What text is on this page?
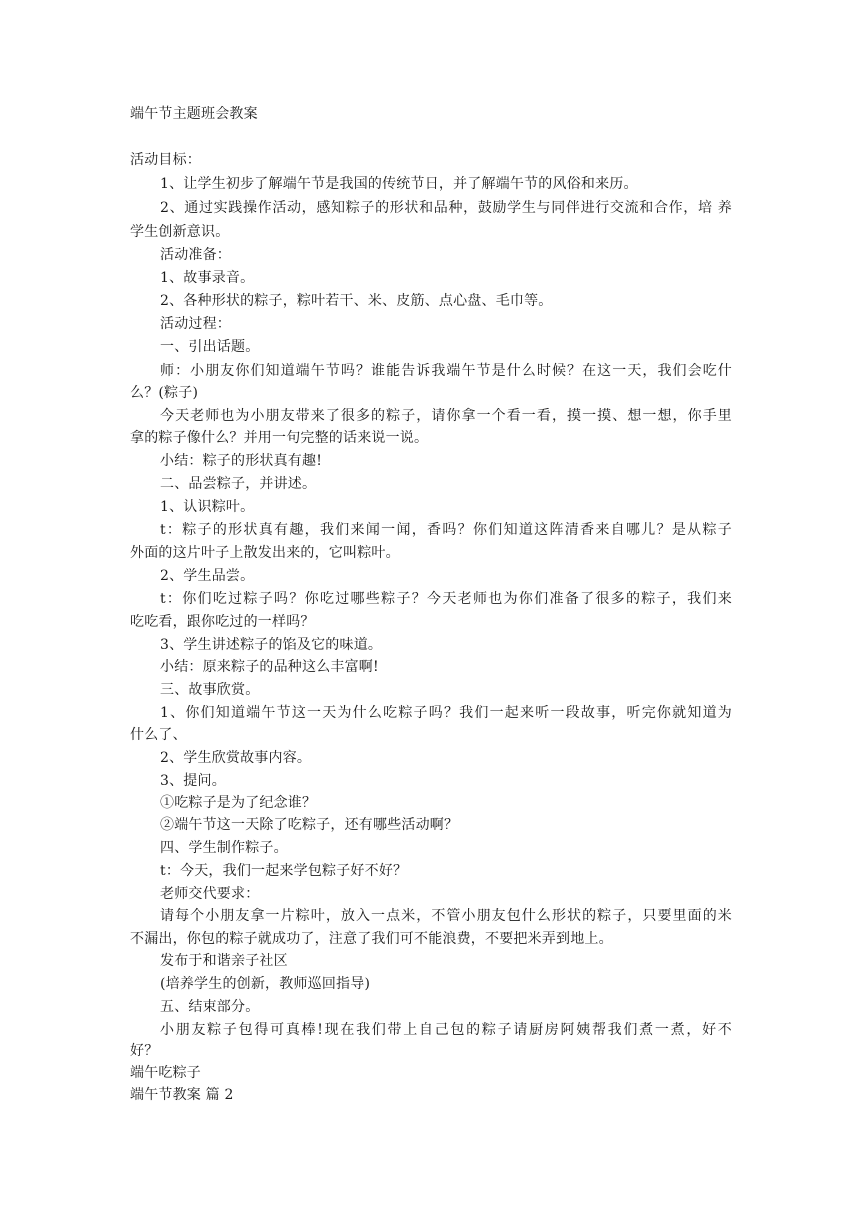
端午节主题班会教案
活动目标：
1、让学生初步了解端午节是我国的传统节日，并了解端午节的风俗和来历。
2、通过实践操作活动，感知粽子的形状和品种，鼓励学生与同伴进行交流和合作，培 养
学生创新意识。
活动准备：
1、故事录音。
2、各种形状的粽子，粽叶若干、米、皮筋、点心盘、毛巾等。
活动过程：
一、引出话题。
师：小朋友你们知道端午节吗？谁能告诉我端午节是什么时候？在这一天，我们会吃什
么？(粽子)
今天老师也为小朋友带来了很多的粽子，请你拿一个看一看，摸一摸、想一想，你手里
拿的粽子像什么？并用一句完整的话来说一说。
小结：粽子的形状真有趣!
二、品尝粽子，并讲述。
1、认识粽叶。
t：粽子的形状真有趣，我们来闻一闻，香吗？你们知道这阵清香来自哪儿？是从粽子
外面的这片叶子上散发出来的，它叫粽叶。
2、学生品尝。
t：你们吃过粽子吗？你吃过哪些粽子？今天老师也为你们准备了很多的粽子，我们来
吃吃看，跟你吃过的一样吗？
3、学生讲述粽子的馅及它的味道。
小结：原来粽子的品种这么丰富啊!
三、故事欣赏。
1、你们知道端午节这一天为什么吃粽子吗？我们一起来听一段故事，听完你就知道为
什么了、
2、学生欣赏故事内容。
3、提问。
①吃粽子是为了纪念谁？
②端午节这一天除了吃粽子，还有哪些活动啊？
四、学生制作粽子。
t：今天，我们一起来学包粽子好不好？
老师交代要求：
请每个小朋友拿一片粽叶，放入一点米，不管小朋友包什么形状的粽子，只要里面的米
不漏出，你包的粽子就成功了，注意了我们可不能浪费，不要把米弄到地上。
发布于和谐亲子社区
(培养学生的创新，教师巡回指导)
五、结束部分。
小朋友粽子包得可真棒!现在我们带上自己包的粽子请厨房阿姨帮我们煮一煮，好不
好？
端午吃粽子
端午节教案 篇 2
